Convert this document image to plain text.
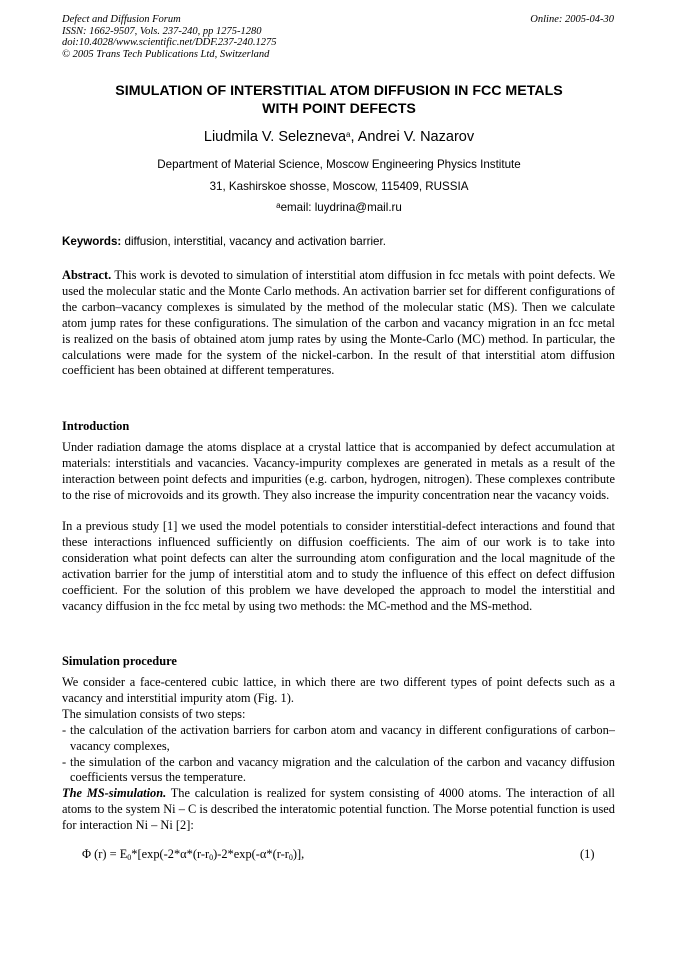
Defect and Diffusion Forum
ISSN: 1662-9507, Vols. 237-240, pp 1275-1280
doi:10.4028/www.scientific.net/DDF.237-240.1275
© 2005 Trans Tech Publications Ltd, Switzerland
Online: 2005-04-30
SIMULATION OF INTERSTITIAL ATOM DIFFUSION IN FCC METALS
WITH POINT DEFECTS
Liudmila V. Selezneva$^a$, Andrei V. Nazarov
Department of Material Science, Moscow Engineering Physics Institute
31, Kashirskoe shosse, Moscow, 115409, RUSSIA
$^a$email: luydrina@mail.ru
Keywords: diffusion, interstitial, vacancy and activation barrier.
Abstract. This work is devoted to simulation of interstitial atom diffusion in fcc metals with point defects. We used the molecular static and the Monte Carlo methods. An activation barrier set for different configurations of the carbon–vacancy complexes is simulated by the method of the molecular static (MS). Then we calculate atom jump rates for these configurations. The simulation of the carbon and vacancy migration in an fcc metal is realized on the basis of obtained atom jump rates by using the Monte-Carlo (MC) method. In particular, the calculations were made for the system of the nickel-carbon. In the result of that interstitial atom diffusion coefficient has been obtained at different temperatures.
Introduction
Under radiation damage the atoms displace at a crystal lattice that is accompanied by defect accumulation at materials: interstitials and vacancies. Vacancy-impurity complexes are generated in metals as a result of the interaction between point defects and impurities (e.g. carbon, hydrogen, nitrogen). These complexes contribute to the rise of microvoids and its growth. They also increase the impurity concentration near the vacancy voids.
In a previous study [1] we used the model potentials to consider interstitial-defect interactions and found that these interactions influenced sufficiently on diffusion coefficients. The aim of our work is to take into consideration what point defects can alter the surrounding atom configuration and the local magnitude of the activation barrier for the jump of interstitial atom and to study the influence of this effect on defect diffusion coefficient. For the solution of this problem we have developed the approach to model the interstitial and vacancy diffusion in the fcc metal by using two methods: the MC-method and the MS-method.
Simulation procedure
We consider a face-centered cubic lattice, in which there are two different types of point defects such as a vacancy and interstitial impurity atom (Fig. 1).
The simulation consists of two steps:
- the calculation of the activation barriers for carbon atom and vacancy in different configurations of carbon–vacancy complexes,
- the simulation of the carbon and vacancy migration and the calculation of the carbon and vacancy diffusion coefficients versus the temperature.
The MS-simulation. The calculation is realized for system consisting of 4000 atoms. The interaction of all atoms to the system Ni – C is described the interatomic potential function. The Morse potential function is used for interaction Ni – Ni [2]:
Φ $(r) = E_0*[\exp(-2*\alpha*(r-r_0)-2*\exp(-\alpha*(r-r_0)]$,	(1)
